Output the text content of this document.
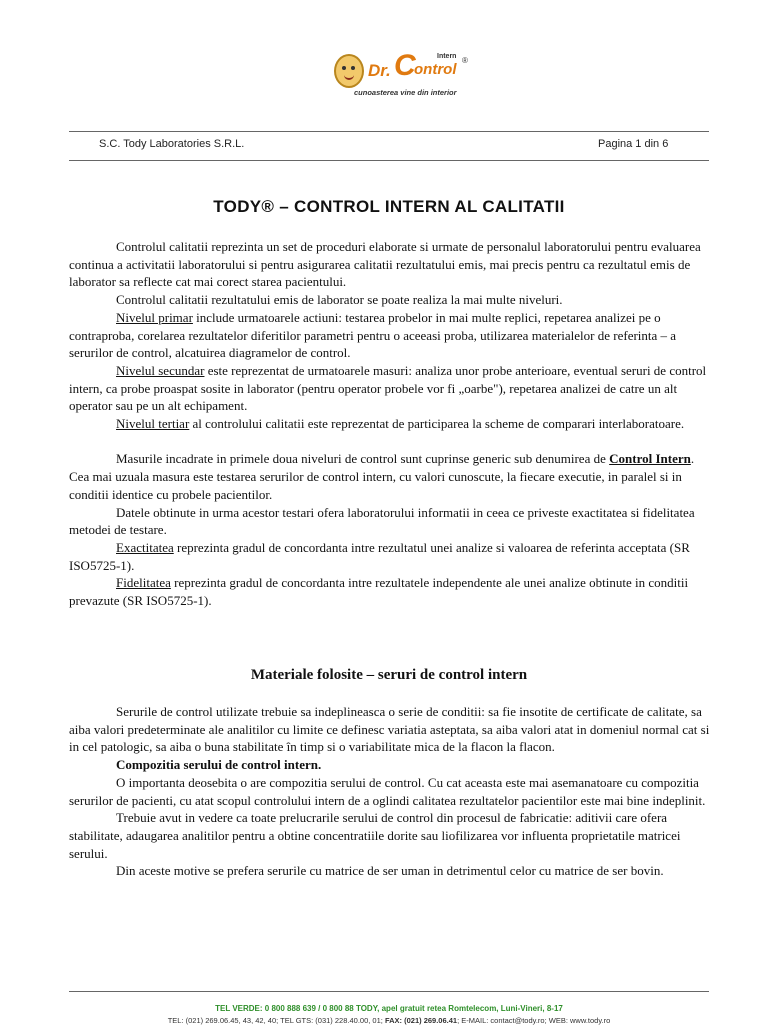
Dr. C
ontrol
Intern ®
cunoasterea vine din interior
S.C. Tody Laboratories S.R.L.	Pagina 1 din 6
TODY® – CONTROL INTERN AL CALITATII

Controlul calitatii reprezinta un set de proceduri elaborate si urmate de personalul laboratorului pentru evaluarea continua a activitatii laboratorului si pentru asigurarea calitatii rezultatului emis, mai precis pentru ca rezultatul emis de laborator sa reflecte cat mai corect starea pacientului.

Controlul calitatii rezultatului emis de laborator se poate realiza la mai multe niveluri.

Nivelul primar include urmatoarele actiuni: testarea probelor in mai multe replici, repetarea analizei pe o contraproba, corelarea rezultatelor diferitilor parametri pentru o aceeasi proba, utilizarea materialelor de referinta – a serurilor de control, alcatuirea diagramelor de control.

Nivelul secundar este reprezentat de urmatoarele masuri: analiza unor probe anterioare, eventual seruri de control intern, ca probe proaspat sosite in laborator (pentru operator probele vor fi „oarbe"), repetarea analizei de catre un alt operator sau pe un alt echipament.

Nivelul tertiar al controlului calitatii este reprezentat de participarea la scheme de comparari interlaboratoare.

Masurile incadrate in primele doua niveluri de control sunt cuprinse generic sub denumirea de Control Intern. Cea mai uzuala masura este testarea serurilor de control intern, cu valori cunoscute, la fiecare executie, in paralel si in conditii identice cu probele pacientilor.

Datele obtinute in urma acestor testari ofera laboratorului informatii in ceea ce priveste exactitatea si fidelitatea metodei de testare.

Exactitatea reprezinta gradul de concordanta intre rezultatul unei analize si valoarea de referinta acceptata (SR ISO5725-1).

Fidelitatea reprezinta gradul de concordanta intre rezultatele independente ale unei analize obtinute in conditii prevazute (SR ISO5725-1).

Materiale folosite – seruri de control intern

Serurile de control utilizate trebuie sa indeplineasca o serie de conditii: sa fie insotite de certificate de calitate, sa aiba valori predeterminate ale analitilor cu limite ce definesc variatia asteptata, sa aiba valori atat in domeniul normal cat si in cel patologic, sa aiba o buna stabilitate în timp si o variabilitate mica de la flacon la flacon.

Compozitia serului de control intern.

O importanta deosebita o are compozitia serului de control. Cu cat aceasta este mai asemanatoare cu compozitia serurilor de pacienti, cu atat scopul controlului intern de a oglindi calitatea rezultatelor pacientilor este mai bine indeplinit.

Trebuie avut in vedere ca toate prelucrarile serului de control din procesul de fabricatie: aditivii care ofera stabilitate, adaugarea analitilor pentru a obtine concentratiile dorite sau liofilizarea vor influenta proprietatile matricei serului.

Din aceste motive se prefera serurile cu matrice de ser uman in detrimentul celor cu matrice de ser bovin.

TEL VERDE: 0 800 888 639 / 0 800 88 TODY, apel gratuit retea Romtelecom, Luni-Vineri, 8-17
TEL: (021) 269.06.45, 43, 42, 40; TEL GTS: (031) 228.40.00, 01; FAX: (021) 269.06.41; E-MAIL: contact@tody.ro; WEB: www.tody.ro
